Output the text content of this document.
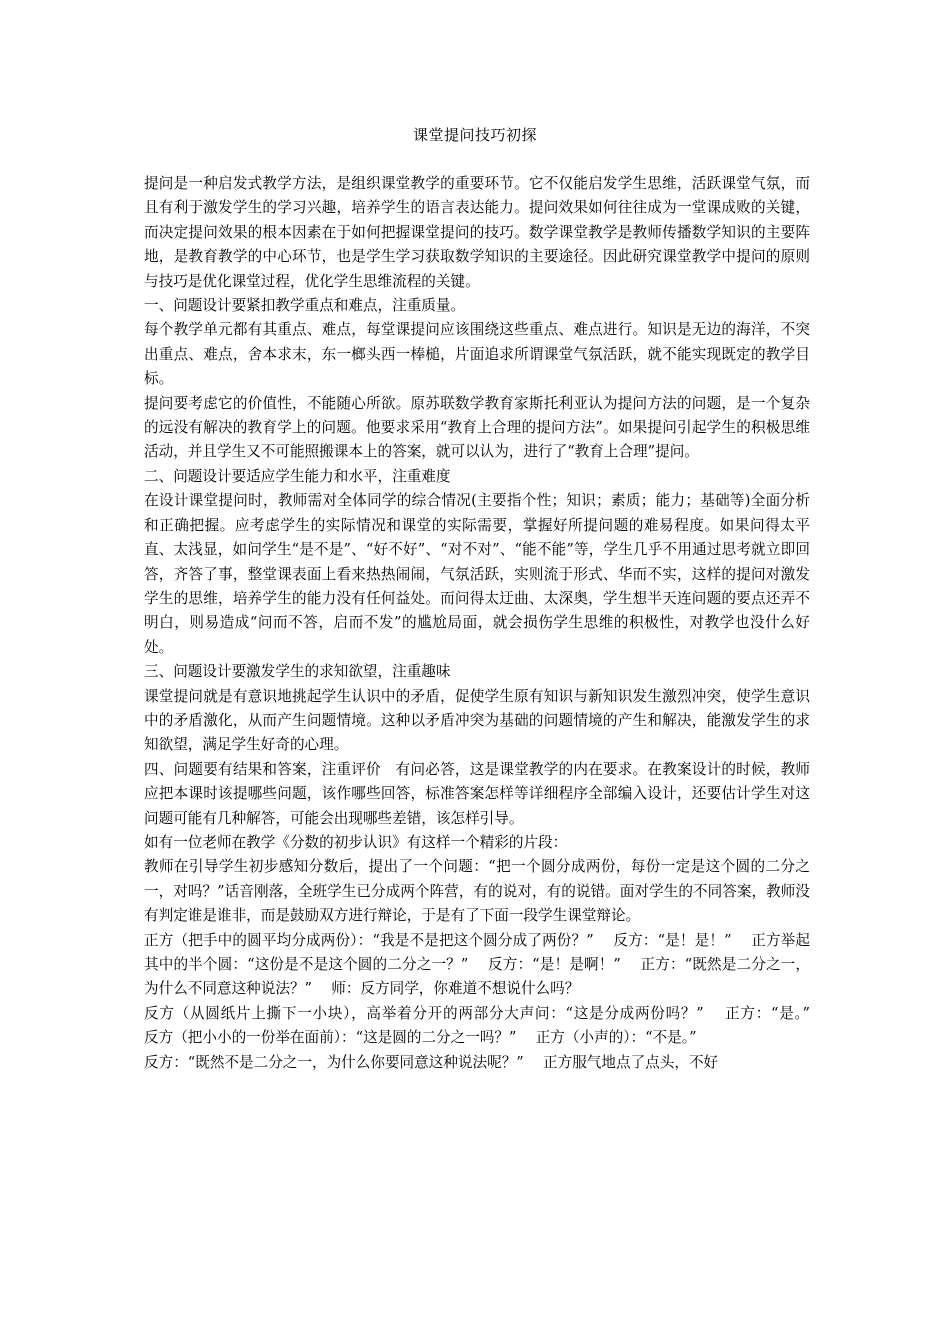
课堂提问技巧初探

提问是一种启发式教学方法，是组织课堂教学的重要环节。它不仅能启发学生思维，活跃课堂气氛，而且有利于激发学生的学习兴趣，培养学生的语言表达能力。提问效果如何往往成为一堂课成败的关键，而决定提问效果的根本因素在于如何把握课堂提问的技巧。数学课堂教学是教师传播数学知识的主要阵地，是教育教学的中心环节，也是学生学习获取数学知识的主要途径。因此研究课堂教学中提问的原则与技巧是优化课堂过程，优化学生思维流程的关键。

一、问题设计要紧扣教学重点和难点，注重质量。

每个教学单元都有其重点、难点，每堂课提问应该围绕这些重点、难点进行。知识是无边的海洋，不突出重点、难点，舍本求末，东一榔头西一棒槌，片面追求所谓课堂气氛活跃，就不能实现既定的教学目标。

提问要考虑它的价值性，不能随心所欲。原苏联数学教育家斯托利亚认为提问方法的问题，是一个复杂的远没有解决的教育学上的问题。他要求采用“教育上合理的提问方法”。如果提问引起学生的积极思维活动，并且学生又不可能照搬课本上的答案，就可以认为，进行了“教育上合理”提问。

二、问题设计要适应学生能力和水平，注重难度

在设计课堂提问时，教师需对全体同学的综合情况(主要指个性；知识；素质；能力；基础等)全面分析和正确把握。应考虑学生的实际情况和课堂的实际需要，掌握好所提问题的难易程度。如果问得太平直、太浅显，如问学生“是不是”、“好不好”、“对不对”、“能不能”等，学生几乎不用通过思考就立即回答，齐答了事，整堂课表面上看来热热闹闹，气氛活跃，实则流于形式、华而不实，这样的提问对激发学生的思维，培养学生的能力没有任何益处。而问得太迂曲、太深奥，学生想半天连问题的要点还弄不明白，则易造成“问而不答，启而不发”的尴尬局面，就会损伤学生思维的积极性，对教学也没什么好处。

三、问题设计要激发学生的求知欲望，注重趣味

课堂提问就是有意识地挑起学生认识中的矛盾，促使学生原有知识与新知识发生激烈冲突，使学生意识中的矛盾激化，从而产生问题情境。这种以矛盾冲突为基础的问题情境的产生和解决，能激发学生的求知欲望，满足学生好奇的心理。

四、问题要有结果和答案，注重评价　有问必答，这是课堂教学的内在要求。在教案设计的时候，教师应把本课时该提哪些问题，该作哪些回答，标准答案怎样等详细程序全部编入设计，还要估计学生对这问题可能有几种解答，可能会出现哪些差错，该怎样引导。

如有一位老师在教学《分数的初步认识》有这样一个精彩的片段：

教师在引导学生初步感知分数后，提出了一个问题：“把一个圆分成两份，每份一定是这个圆的二分之一，对吗？”话音刚落，全班学生已分成两个阵营，有的说对，有的说错。面对学生的不同答案，教师没有判定谁是谁非，而是鼓励双方进行辩论，于是有了下面一段学生课堂辩论。

正方（把手中的圆平均分成两份）：“我是不是把这个圆分成了两份？”　 反方：“是！是！”　 正方举起其中的半个圆：“这份是不是这个圆的二分之一？”　 反方：“是！是啊！”　 正方：“既然是二分之一，为什么不同意这种说法？”　 师：反方同学，你难道不想说什么吗？

反方（从圆纸片上撕下一小块），高举着分开的两部分大声问：“这是分成两份吗？”　 正方：“是。”　 反方（把小小的一份举在面前）：“这是圆的二分之一吗？”　 正方（小声的）：“不是。”

反方：“既然不是二分之一，为什么你要同意这种说法呢？”　 正方服气地点了点头，不好
